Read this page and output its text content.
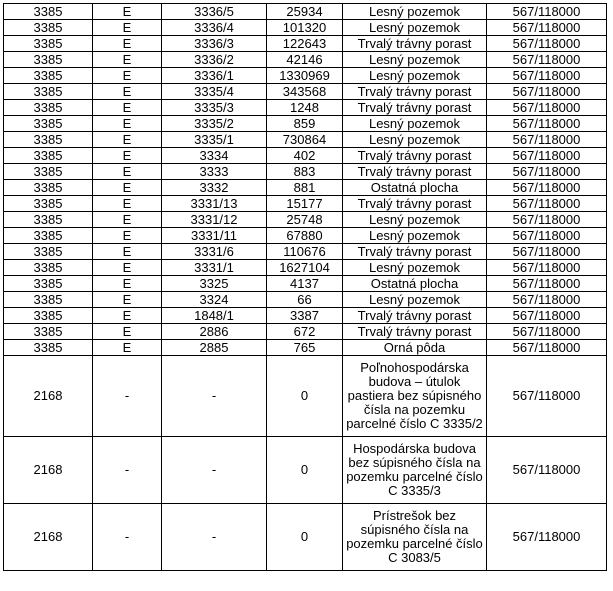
3385	E	3336/5	25934	Lesný pozemok	567/118000
3385	E	3336/4	101320	Lesný pozemok	567/118000
3385	E	3336/3	122643	Trvalý trávny porast	567/118000
3385	E	3336/2	42146	Lesný pozemok	567/118000
3385	E	3336/1	1330969	Lesný pozemok	567/118000
3385	E	3335/4	343568	Trvalý trávny porast	567/118000
3385	E	3335/3	1248	Trvalý trávny porast	567/118000
3385	E	3335/2	859	Lesný pozemok	567/118000
3385	E	3335/1	730864	Lesný pozemok	567/118000
3385	E	3334	402	Trvalý trávny porast	567/118000
3385	E	3333	883	Trvalý trávny porast	567/118000
3385	E	3332	881	Ostatná plocha	567/118000
3385	E	3331/13	15177	Trvalý trávny porast	567/118000
3385	E	3331/12	25748	Lesný pozemok	567/118000
3385	E	3331/11	67880	Lesný pozemok	567/118000
3385	E	3331/6	110676	Trvalý trávny porast	567/118000
3385	E	3331/1	1627104	Lesný pozemok	567/118000
3385	E	3325	4137	Ostatná plocha	567/118000
3385	E	3324	66	Lesný pozemok	567/118000
3385	E	1848/1	3387	Trvalý trávny porast	567/118000
3385	E	2886	672	Trvalý trávny porast	567/118000
3385	E	2885	765	Orná pôda	567/118000
2168	-	-	0	Poľnohospodárska budova – útulok pastiera bez súpisného čísla na pozemku parcelné číslo C 3335/2	567/118000
2168	-	-	0	Hospodárska budova bez súpisného čísla na pozemku parcelné číslo C 3335/3	567/118000
2168	-	-	0	Prístrešok bez súpisného čísla na pozemku parcelné číslo C 3083/5	567/118000
